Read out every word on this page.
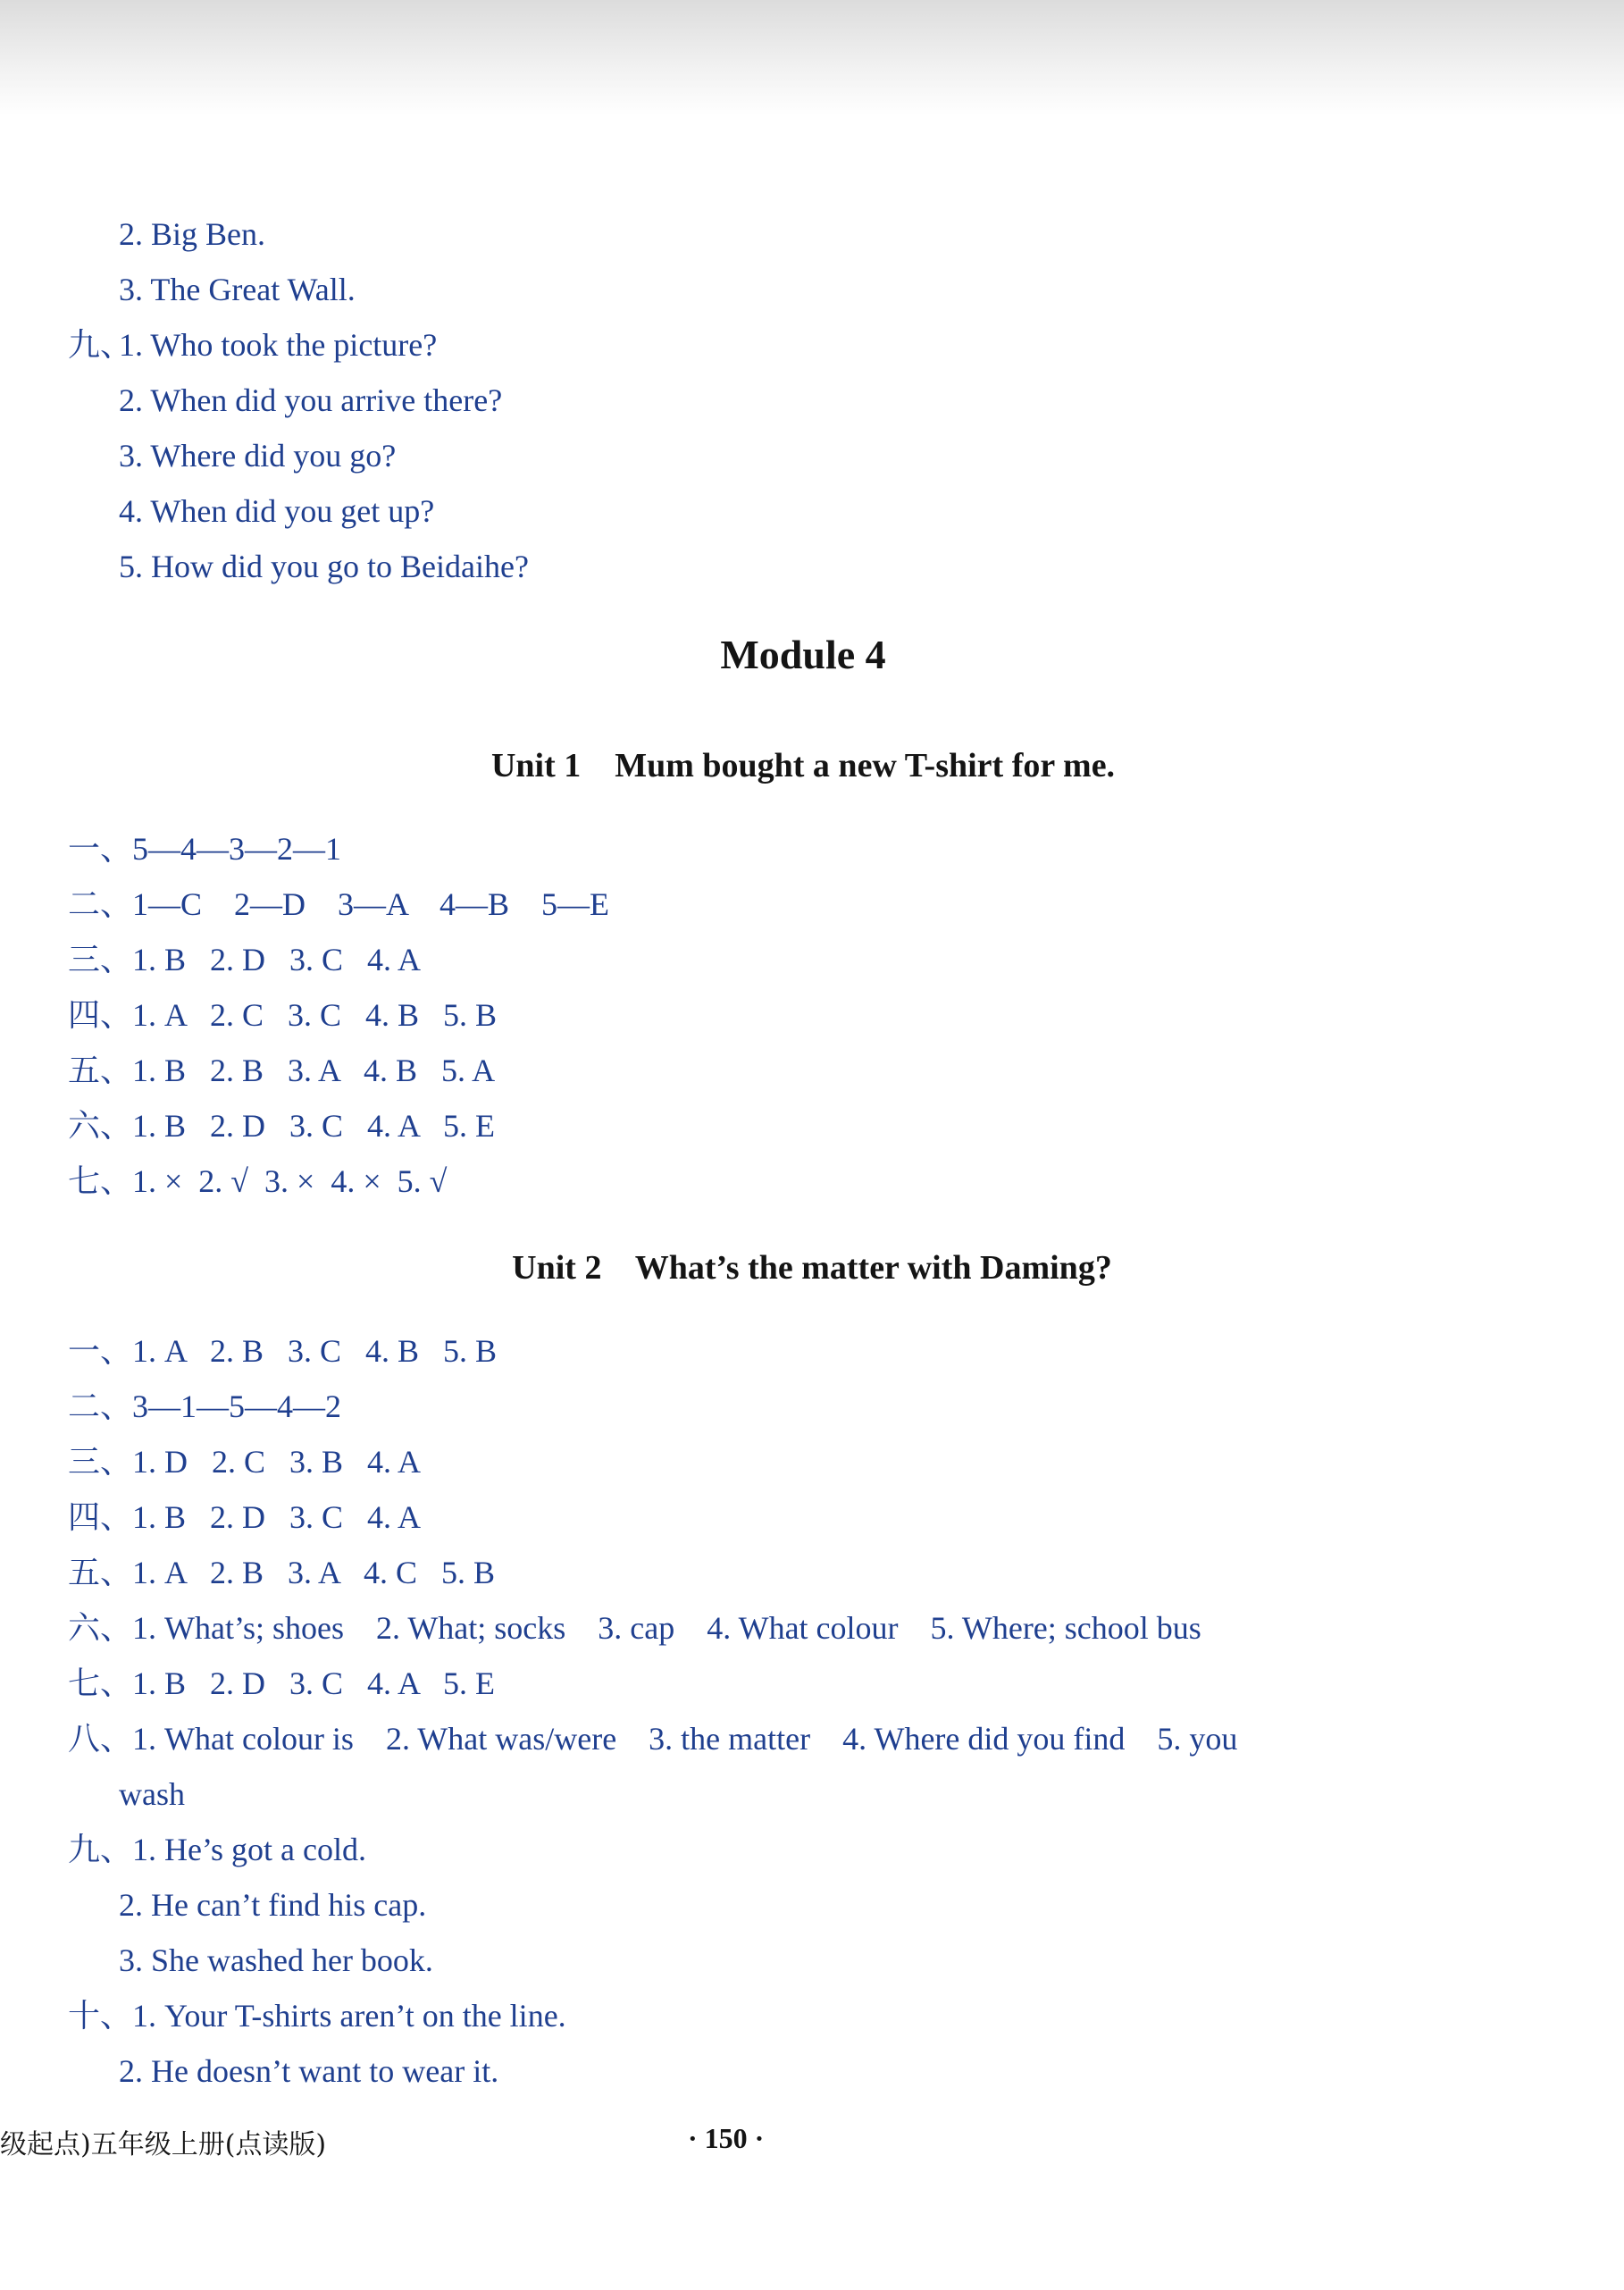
2. Big Ben.
3. The Great Wall.
九、
1. Who took the picture?
2. When did you arrive there?
3. Where did you go?
4. When did you get up?
5. How did you go to Beidaihe?
Module 4
Unit 1    Mum bought a new T-shirt for me.
一、5—4—3—2—1
二、1—C    2—D    3—A    4—B    5—E
三、1. B   2. D   3. C   4. A
四、1. A   2. C   3. C   4. B   5. B
五、1. B   2. B   3. A   4. B   5. A
六、1. B   2. D   3. C   4. A   5. E
七、1. ×  2. √  3. ×  4. ×  5. √
Unit 2    What’s the matter with Daming?
一、1. A   2. B   3. C   4. B   5. B
二、3—1—5—4—2
三、1. D   2. C   3. B   4. A
四、1. B   2. D   3. C   4. A
五、1. A   2. B   3. A   4. C   5. B
六、1. What’s; shoes    2. What; socks    3. cap    4. What colour    5. Where; school bus
七、1. B   2. D   3. C   4. A   5. E
八、1. What colour is    2. What was/were    3. the matter    4. Where did you find    5. you
wash
九、1. He’s got a cold.
2. He can’t find his cap.
3. She washed her book.
十、1. Your T-shirts aren’t on the line.
2. He doesn’t want to wear it.
级起点)五年级上册(点读版)	· 150 ·
